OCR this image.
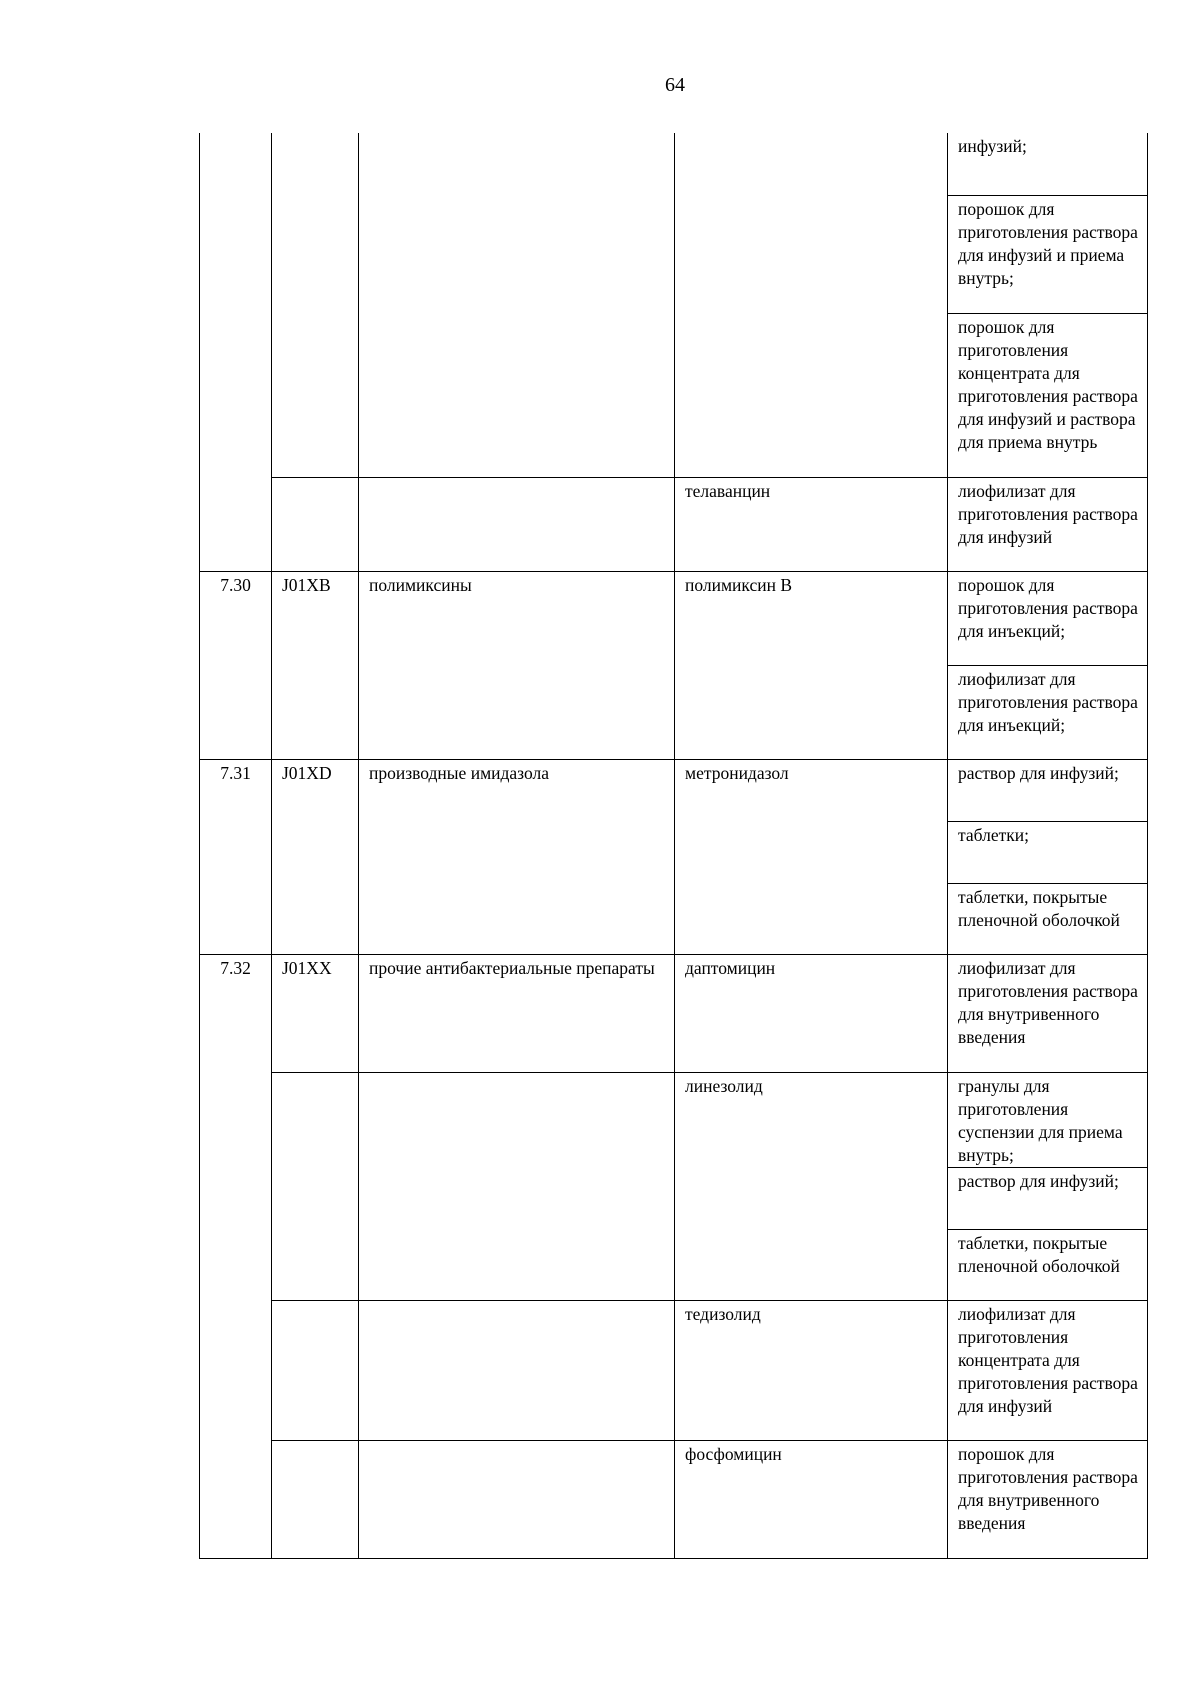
64
				инфузий;
				порошок для приготовления раствора для инфузий и приема внутрь;
				порошок для приготовления концентрата для приготовления раствора для инфузий и раствора для приема внутрь
			телаванцин	лиофилизат для приготовления раствора для инфузий
7.30	J01XB	полимиксины	полимиксин В	порошок для приготовления раствора для инъекций;
				лиофилизат для приготовления раствора для инъекций;
7.31	J01XD	производные имидазола	метронидазол	раствор для инфузий;
				таблетки;
				таблетки, покрытые пленочной оболочкой
7.32	J01XX	прочие антибактериальные препараты	даптомицин	лиофилизат для приготовления раствора для внутривенного введения
			линезолид	гранулы для приготовления суспензии для приема внутрь;
				раствор для инфузий;
				таблетки, покрытые пленочной оболочкой
			тедизолид	лиофилизат для приготовления концентрата для приготовления раствора для инфузий
			фосфомицин	порошок для приготовления раствора для внутривенного введения
